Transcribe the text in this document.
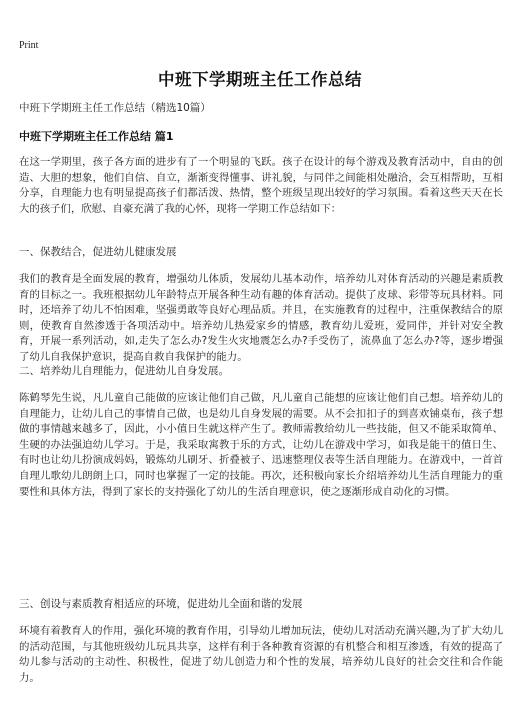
Print
中班下学期班主任工作总结
中班下学期班主任工作总结（精选10篇）
中班下学期班主任工作总结 篇1
在这一学期里，孩子各方面的进步有了一个明显的飞跃。孩子在设计的每个游戏及教育活动中，自由的创造、大胆的想象，他们自信、自立，渐渐变得懂事、讲礼貌，与同伴之间能相处融洽，会互相帮助，互相分享，自理能力也有明显提高孩子们都活泼、热情，整个班级呈现出较好的学习氛围。看着这些天天在长大的孩子们，欣慰、自豪充满了我的心怀，现将一学期工作总结如下：
一、保教结合，促进幼儿健康发展
我们的教育是全面发展的教育，增强幼儿体质，发展幼儿基本动作，培养幼儿对体育活动的兴趣是素质教育的目标之一。我班根据幼儿年龄特点开展各种生动有趣的体育活动。提供了皮球、彩带等玩具材料。同时，还培养了幼儿不怕困难，坚强勇敢等良好心理品质。并且，在实施教育的过程中，注重保教结合的原则，使教育自然渗透于各项活动中。培养幼儿热爱家乡的情感，教育幼儿爱班，爱同伴，并针对安全教育，开展一系列活动，如,走失了怎么办?发生火灾地震怎么办?手受伤了，流鼻血了怎么办?等，逐步增强了幼儿自我保护意识，提高自救自我保护的能力。
二、培养幼儿自理能力，促进幼儿自身发展。
陈鹤琴先生说，凡儿童自己能做的应该让他们自己做，凡儿童自己能想的应该让他们自己想。培养幼儿的自理能力，让幼儿自己的事情自己做，也是幼儿自身发展的需要。从不会扣扣子的到喜欢铺桌布，孩子想做的事情越来越多了，因此，小小值日生就这样产生了。教师需教给幼儿一些技能，但又不能采取简单、生硬的办法强迫幼儿学习。于是，我采取寓教于乐的方式，让幼儿在游戏中学习，如我是能干的值日生、有时也让幼儿扮演成妈妈，锻炼幼儿刷牙、折叠被子、迅速整理仪表等生活自理能力。在游戏中，一首首自理儿歌幼儿朗朗上口，同时也掌握了一定的技能。再次，还积极向家长介绍培养幼儿生活自理能力的重要性和具体方法，得到了家长的支持强化了幼儿的生活自理意识，使之逐渐形成自动化的习惯。
三、创设与素质教育相适应的环境，促进幼儿全面和谐的发展
环境有着教育人的作用，强化环境的教育作用，引导幼儿增加玩法，使幼儿对活动充满兴趣,为了扩大幼儿的活动范围，与其他班级幼儿玩具共享，这样有利于各种教育资源的有机整合和相互渗透，有效的提高了幼儿参与活动的主动性、积极性，促进了幼儿创造力和个性的发展，培养幼儿良好的社会交往和合作能力。
